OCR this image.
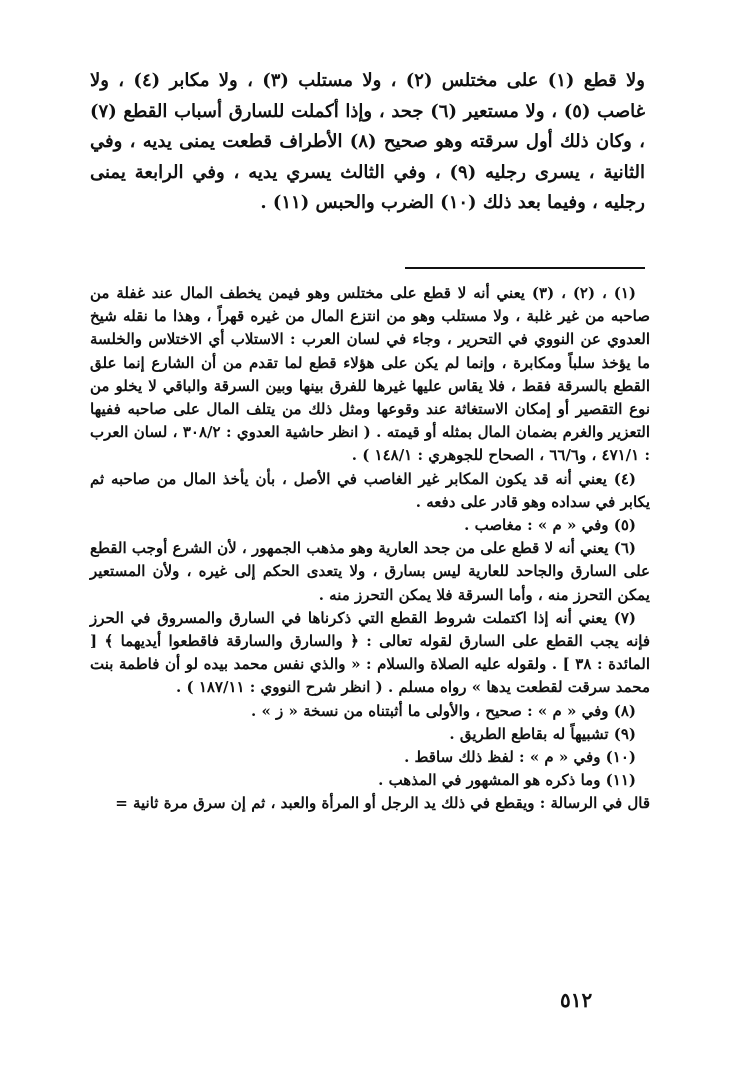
ولا قطع (١) على مختلس (٢) ، ولا مستلب (٣) ، ولا مكابر (٤) ، ولا غاصب (٥) ، ولا مستعير (٦) جحد ، وإذا أكملت للسارق أسباب القطع (٧) ، وكان ذلك أول سرقته وهو صحيح (٨) الأطراف قطعت يمنى يديه ، وفي الثانية ، يسرى رجليه (٩) ، وفي الثالث يسري يديه ، وفي الرابعة يمنى رجليه ، وفيما بعد ذلك (١٠) الضرب والحبس (١١) .

(١) ، (٢) ، (٣) يعني أنه لا قطع على مختلس وهو فيمن يخطف المال عند غفلة من صاحبه من غير غلبة ، ولا مستلب وهو من انتزع المال من غيره قهراً ، وهذا ما نقله شيخ العدوي عن النووي في التحرير ، وجاء في لسان العرب : الاستلاب أي الاختلاس والخلسة ما يؤخذ سلباً ومكابرة ، وإنما لم يكن على هؤلاء قطع لما تقدم من أن الشارع إنما علق القطع بالسرقة فقط ، فلا يقاس عليها غيرها للفرق بينها وبين السرقة والباقي لا يخلو من نوع التقصير أو إمكان الاستغاثة عند وقوعها ومثل ذلك من يتلف المال على صاحبه ففيها التعزير والغرم بضمان المال بمثله أو قيمته . ( انظر حاشية العدوي : ٣٠٨/٢ ، لسان العرب : ٤٧١/١ ، و٦٦/٦ ، الصحاح للجوهري : ١٤٨/١ ) .

(٤) يعني أنه قد يكون المكابر غير الغاصب في الأصل ، بأن يأخذ المال من صاحبه ثم يكابر في سداده وهو قادر على دفعه .

(٥) وفي « م » : مغاصب .

(٦) يعني أنه لا قطع على من جحد العارية وهو مذهب الجمهور ، لأن الشرع أوجب القطع على السارق والجاحد للعارية ليس بسارق ، ولا يتعدى الحكم إلى غيره ، ولأن المستعير يمكن التحرز منه ، وأما السرقة فلا يمكن التحرز منه .

(٧) يعني أنه إذا اكتملت شروط القطع التي ذكرناها في السارق والمسروق في الحرز فإنه يجب القطع على السارق لقوله تعالى : ﴿ والسارق والسارقة فاقطعوا أيديهما ﴾ [ المائدة : ٣٨ ] . ولقوله عليه الصلاة والسلام : « والذي نفس محمد بيده لو أن فاطمة بنت محمد سرقت لقطعت يدها » رواه مسلم . ( انظر شرح النووي : ١٨٧/١١ ) .

(٨) وفي « م » : صحيح ، والأولى ما أثبتناه من نسخة « ز » .

(٩) تشبيهاً له بقاطع الطريق .

(١٠) وفي « م » : لفظ ذلك ساقط .

(١١) وما ذكره هو المشهور في المذهب .

قال في الرسالة : ويقطع في ذلك يد الرجل أو المرأة والعبد ، ثم إن سرق مرة ثانية =

٥١٢
